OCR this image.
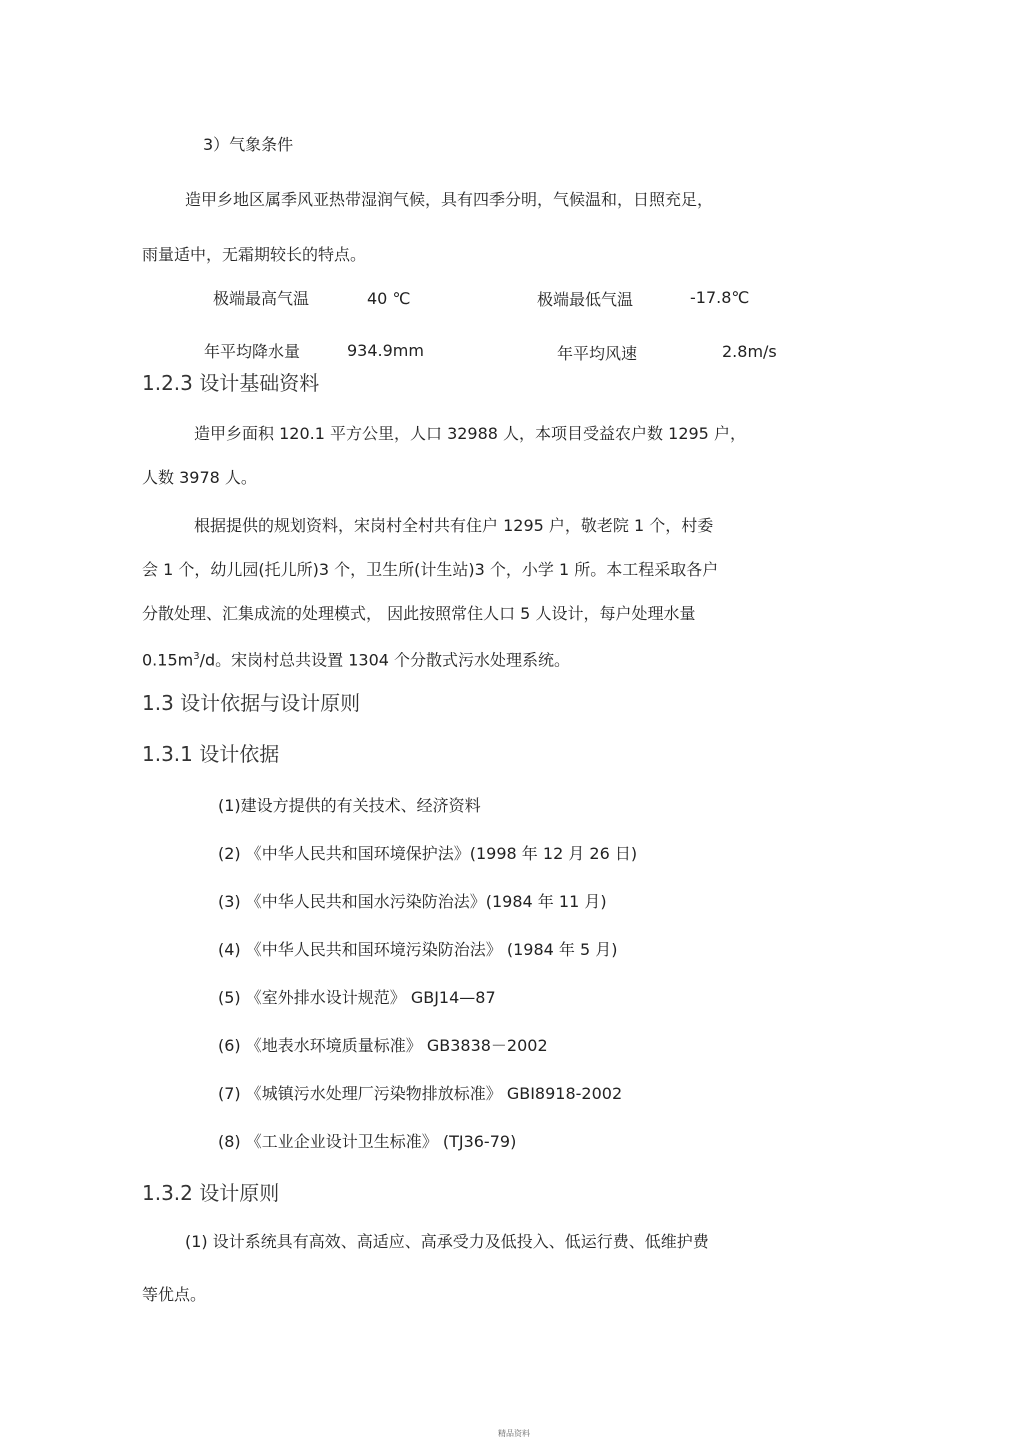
3）气象条件
造甲乡地区属季风亚热带湿润气候，具有四季分明，气候温和，日照充足，
雨量适中，无霜期较长的特点。
极端最高气温	40 ℃	极端最低气温	-17.8℃
年平均降水量	934.9mm	年平均风速	2.8m/s
1.2.3 设计基础资料
造甲乡面积 120.1 平方公里，人口 32988 人，本项目受益农户数 1295 户，
人数 3978 人。
根据提供的规划资料，宋岗村全村共有住户 1295 户，敬老院 1 个，村委
会 1 个，幼儿园(托儿所)3 个，卫生所(计生站)3 个，小学 1 所。本工程采取各户
分散处理、汇集成流的处理模式， 因此按照常住人口 5 人设计，每户处理水量
$0.15m^3/d$。宋岗村总共设置 1304 个分散式污水处理系统。
1.3 设计依据与设计原则
1.3.1 设计依据
(1)建设方提供的有关技术、经济资料
(2) 《中华人民共和国环境保护法》(1998 年 12 月 26 日)
(3) 《中华人民共和国水污染防治法》(1984 年 11 月)
(4) 《中华人民共和国环境污染防治法》 (1984 年 5 月)
(5) 《室外排水设计规范》 GBJ14—87
(6) 《地表水环境质量标准》 GB3838－2002
(7) 《城镇污水处理厂污染物排放标准》 GBI8918-2002
(8) 《工业企业设计卫生标准》 (TJ36-79)
1.3.2 设计原则
(1) 设计系统具有高效、高适应、高承受力及低投入、低运行费、低维护费
等优点。
精品资料
